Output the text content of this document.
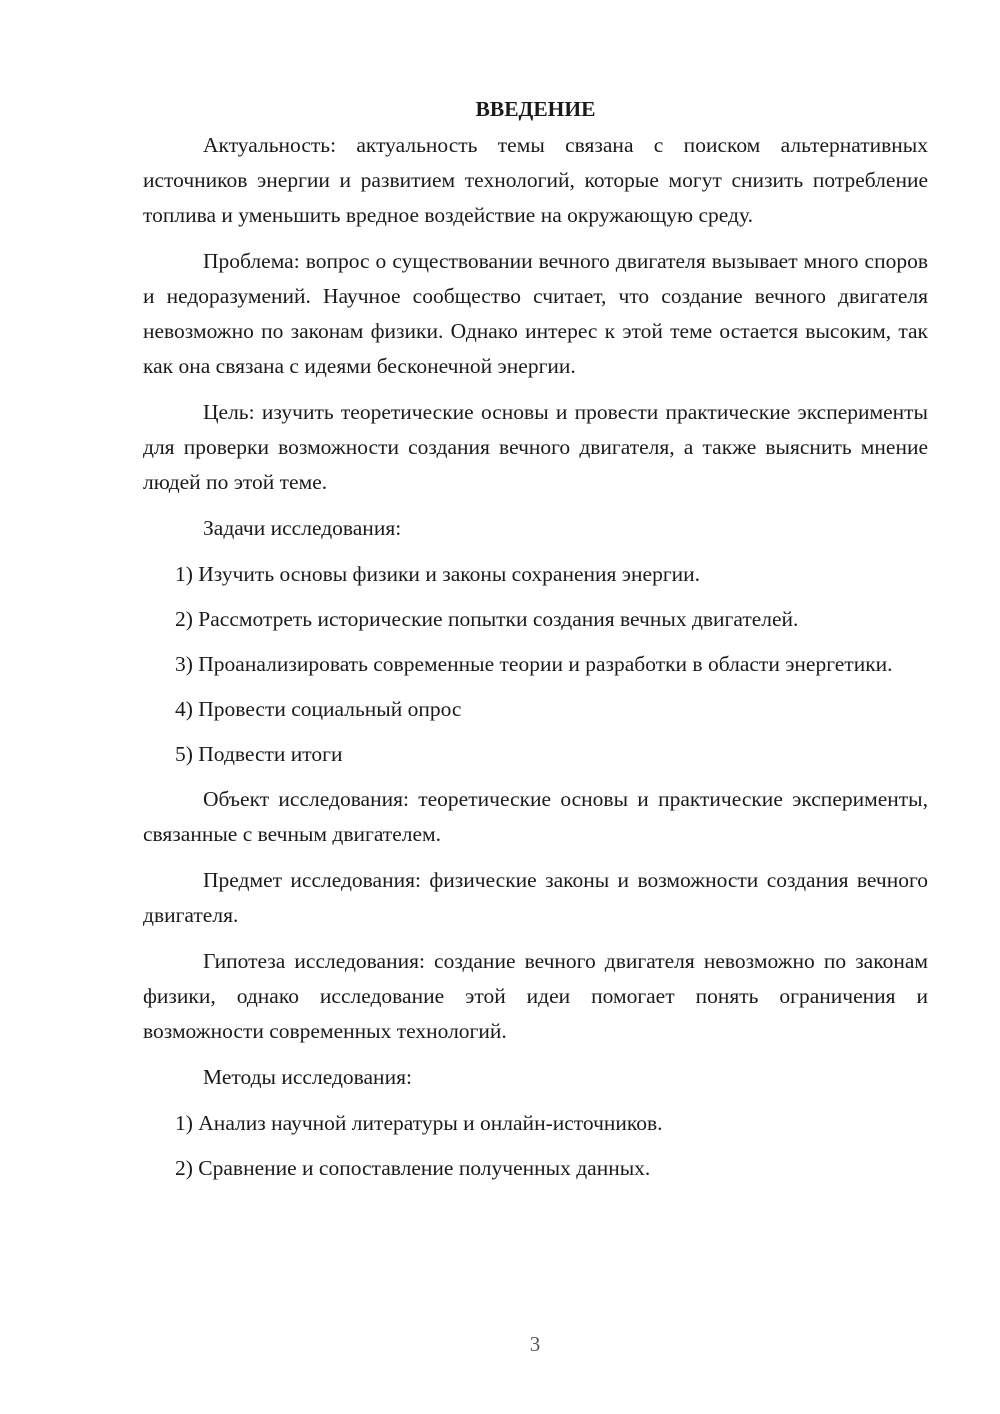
ВВЕДЕНИЕ

Актуальность: актуальность темы связана с поиском альтернативных источников энергии и развитием технологий, которые могут снизить потребление топлива и уменьшить вредное воздействие на окружающую среду.

Проблема: вопрос о существовании вечного двигателя вызывает много споров и недоразумений. Научное сообщество считает, что создание вечного двигателя невозможно по законам физики. Однако интерес к этой теме остается высоким, так как она связана с идеями бесконечной энергии.

Цель: изучить теоретические основы и провести практические эксперименты для проверки возможности создания вечного двигателя, а также выяснить мнение людей по этой теме.

Задачи исследования:

1) Изучить основы физики и законы сохранения энергии.

2) Рассмотреть исторические попытки создания вечных двигателей.

3) Проанализировать современные теории и разработки в области энергетики.

4) Провести социальный опрос

5) Подвести итоги

Объект исследования: теоретические основы и практические эксперименты, связанные с вечным двигателем.

Предмет исследования: физические законы и возможности создания вечного двигателя.

Гипотеза исследования: создание вечного двигателя невозможно по законам физики, однако исследование этой идеи помогает понять ограничения и возможности современных технологий.

Методы исследования:

1) Анализ научной литературы и онлайн-источников.

2) Сравнение и сопоставление полученных данных.

3
